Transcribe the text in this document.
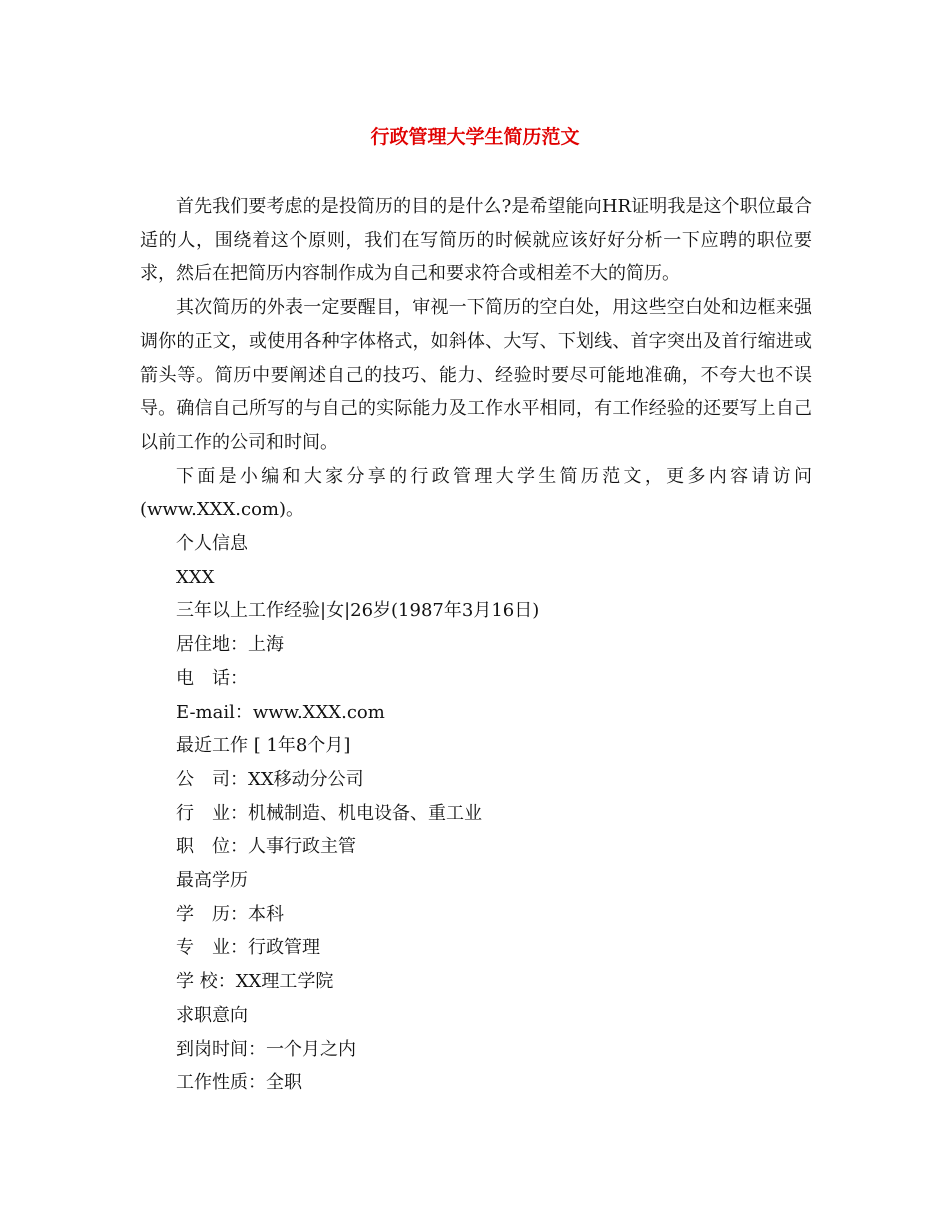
行政管理大学生简历范文

首先我们要考虑的是投简历的目的是什么?是希望能向HR证明我是这个职位最合适的人，围绕着这个原则，我们在写简历的时候就应该好好分析一下应聘的职位要求，然后在把简历内容制作成为自己和要求符合或相差不大的简历。

其次简历的外表一定要醒目，审视一下简历的空白处，用这些空白处和边框来强调你的正文，或使用各种字体格式，如斜体、大写、下划线、首字突出及首行缩进或箭头等。简历中要阐述自己的技巧、能力、经验时要尽可能地准确，不夸大也不误导。确信自己所写的与自己的实际能力及工作水平相同，有工作经验的还要写上自己以前工作的公司和时间。

下面是小编和大家分享的行政管理大学生简历范文，更多内容请访问

(www.XXX.com)。
个人信息
XXX
三年以上工作经验|女|26岁(1987年3月16日)
居住地：上海
电　话：
E-mail：www.XXX.com
最近工作 [ 1年8个月]
公　司：XX移动分公司
行　业：机械制造、机电设备、重工业
职　位：人事行政主管
最高学历
学　历：本科
专　业：行政管理
学 校：XX理工学院
求职意向
到岗时间：一个月之内
工作性质：全职
